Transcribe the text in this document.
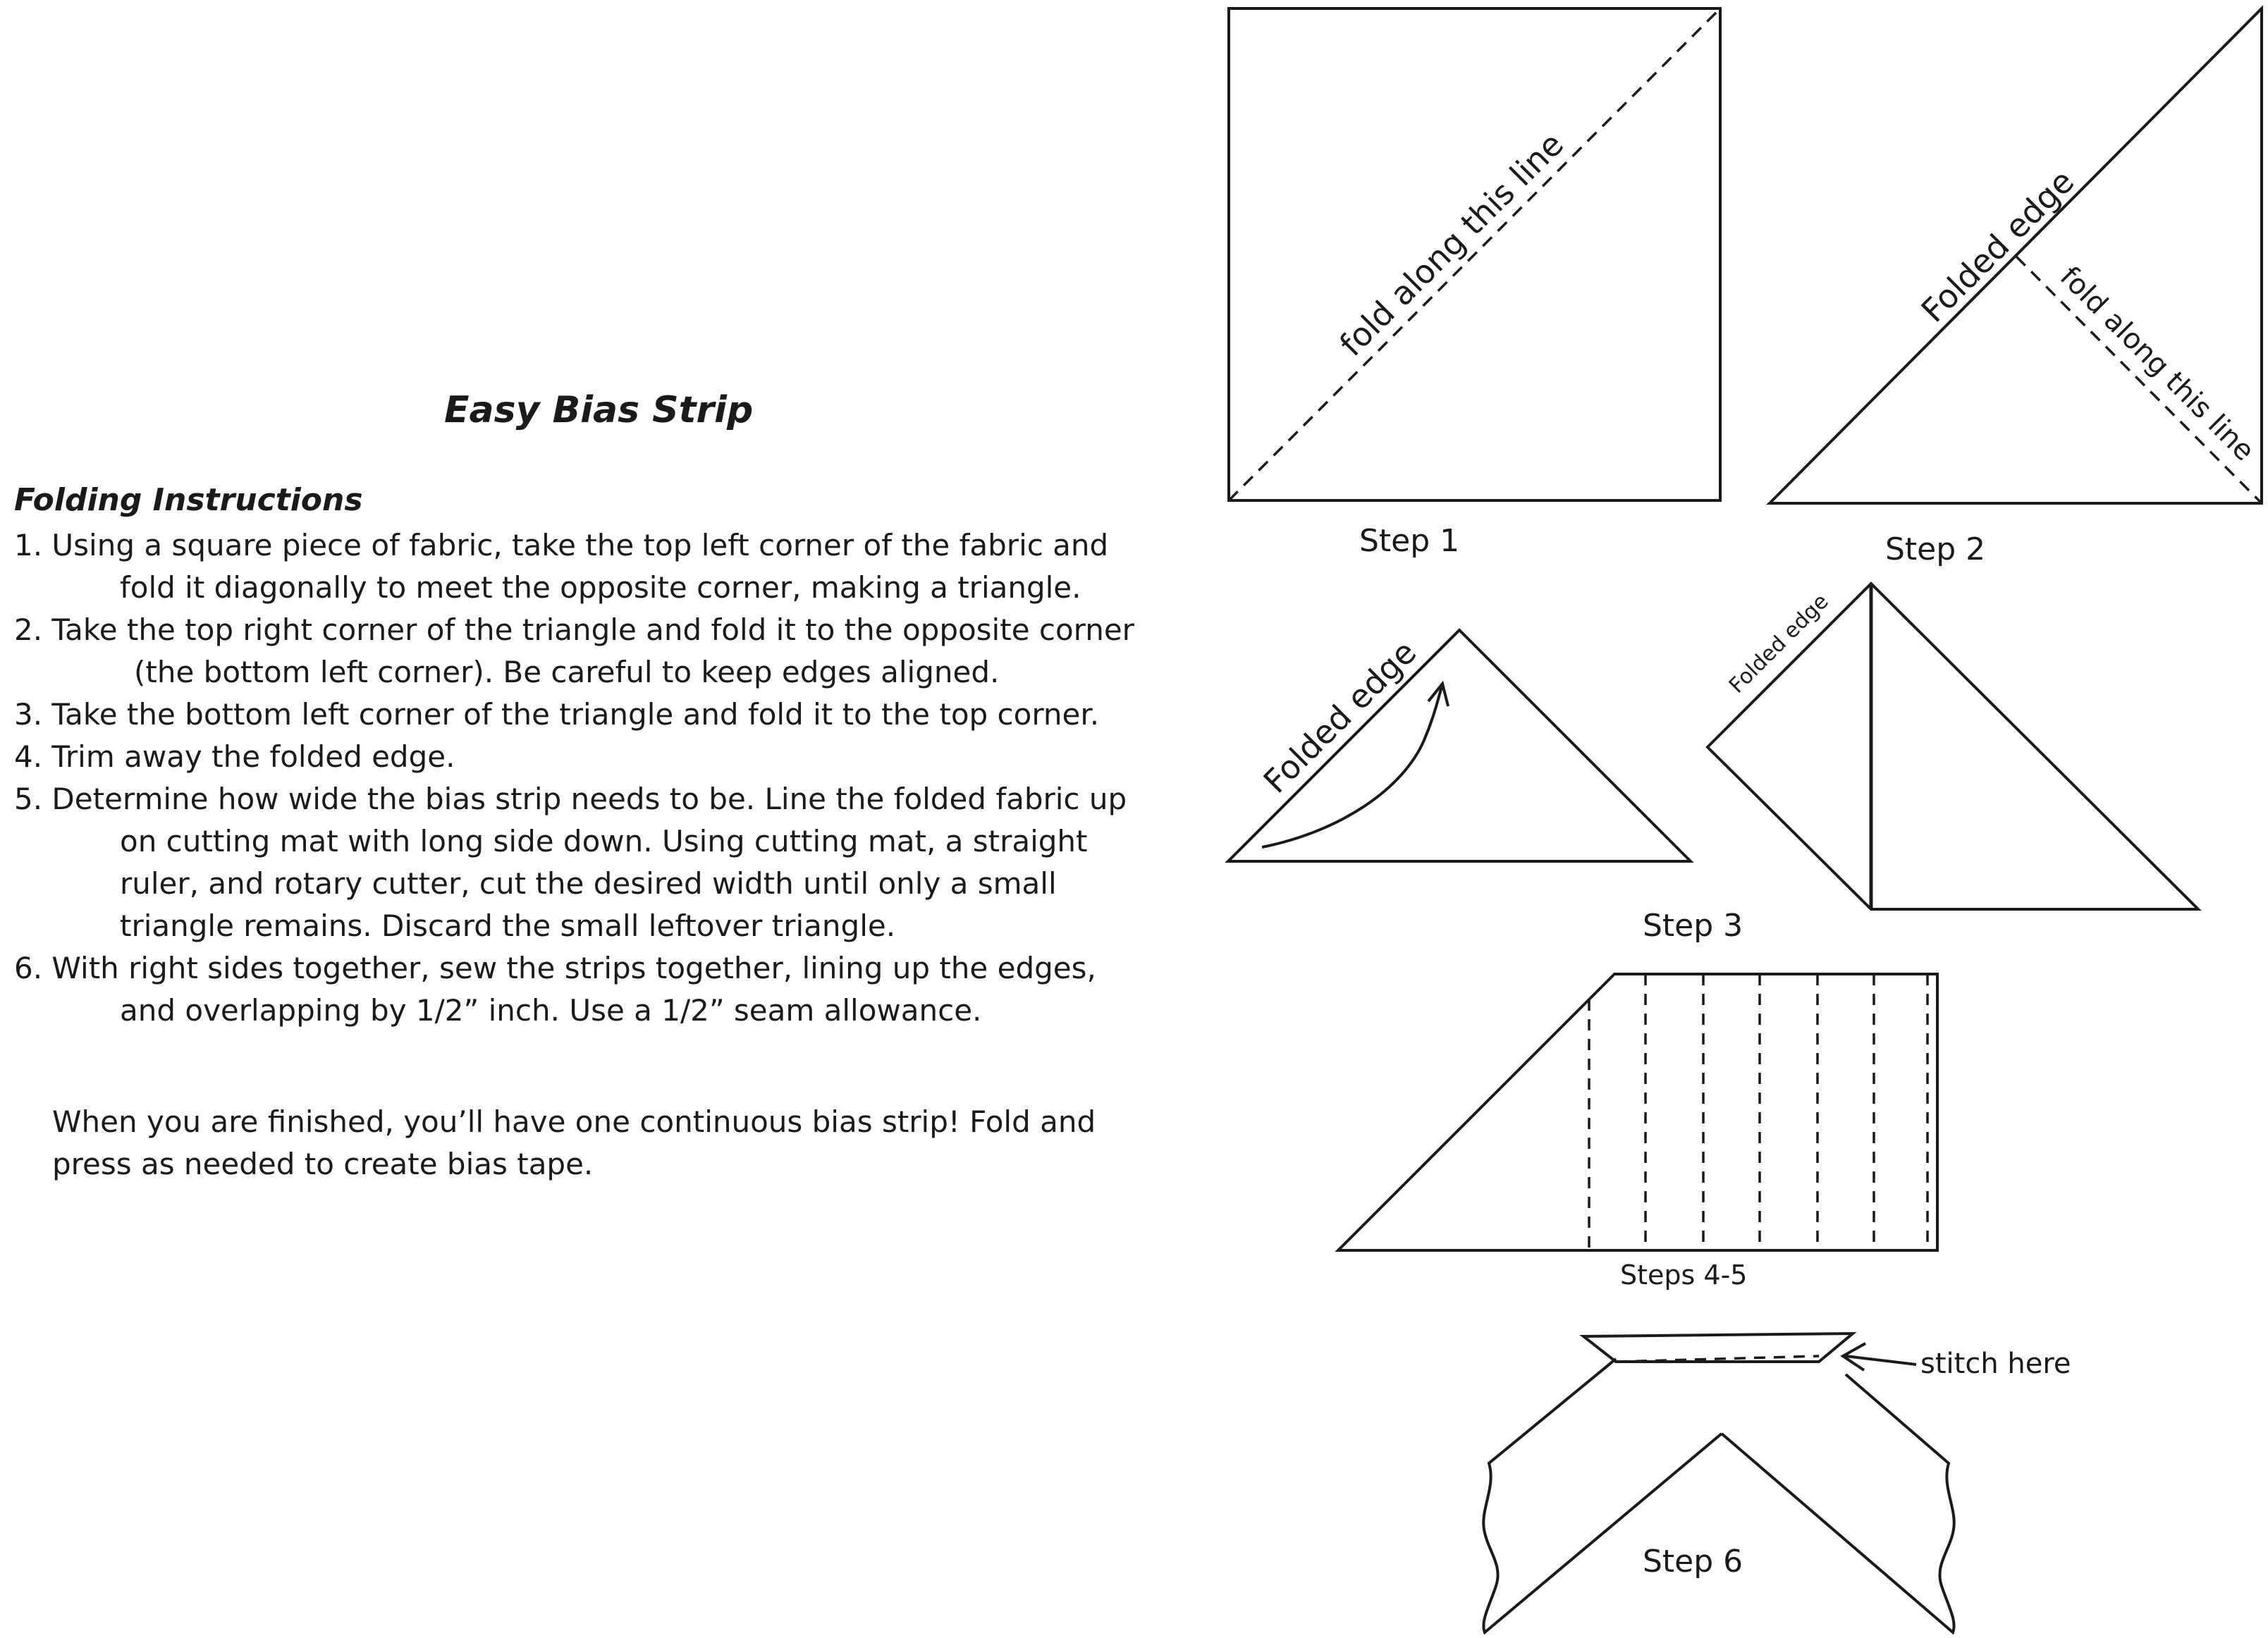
Easy Bias Strip
Folding Instructions
1. Using a square piece of fabric, take the top left corner of the fabric and
fold it diagonally to meet the opposite corner, making a triangle.
2. Take the top right corner of the triangle and fold it to the opposite corner
(the bottom left corner). Be careful to keep edges aligned.
3. Take the bottom left corner of the triangle and fold it to the top corner.
4. Trim away the folded edge.
5. Determine how wide the bias strip needs to be. Line the folded fabric up
on cutting mat with long side down. Using cutting mat, a straight
ruler, and rotary cutter, cut the desired width until only a small
triangle remains. Discard the small leftover triangle.
6. With right sides together, sew the strips together, lining up the edges,
and overlapping by 1/2” inch. Use a 1/2” seam allowance.
When you are finished, you’ll have one continuous bias strip! Fold and
press as needed to create bias tape.
fold along this line
Step 1
Folded edge
fold along this line
Step 2
Folded edge	Folded edge
Step 3
Steps 4-5
stitch here
Step 6
